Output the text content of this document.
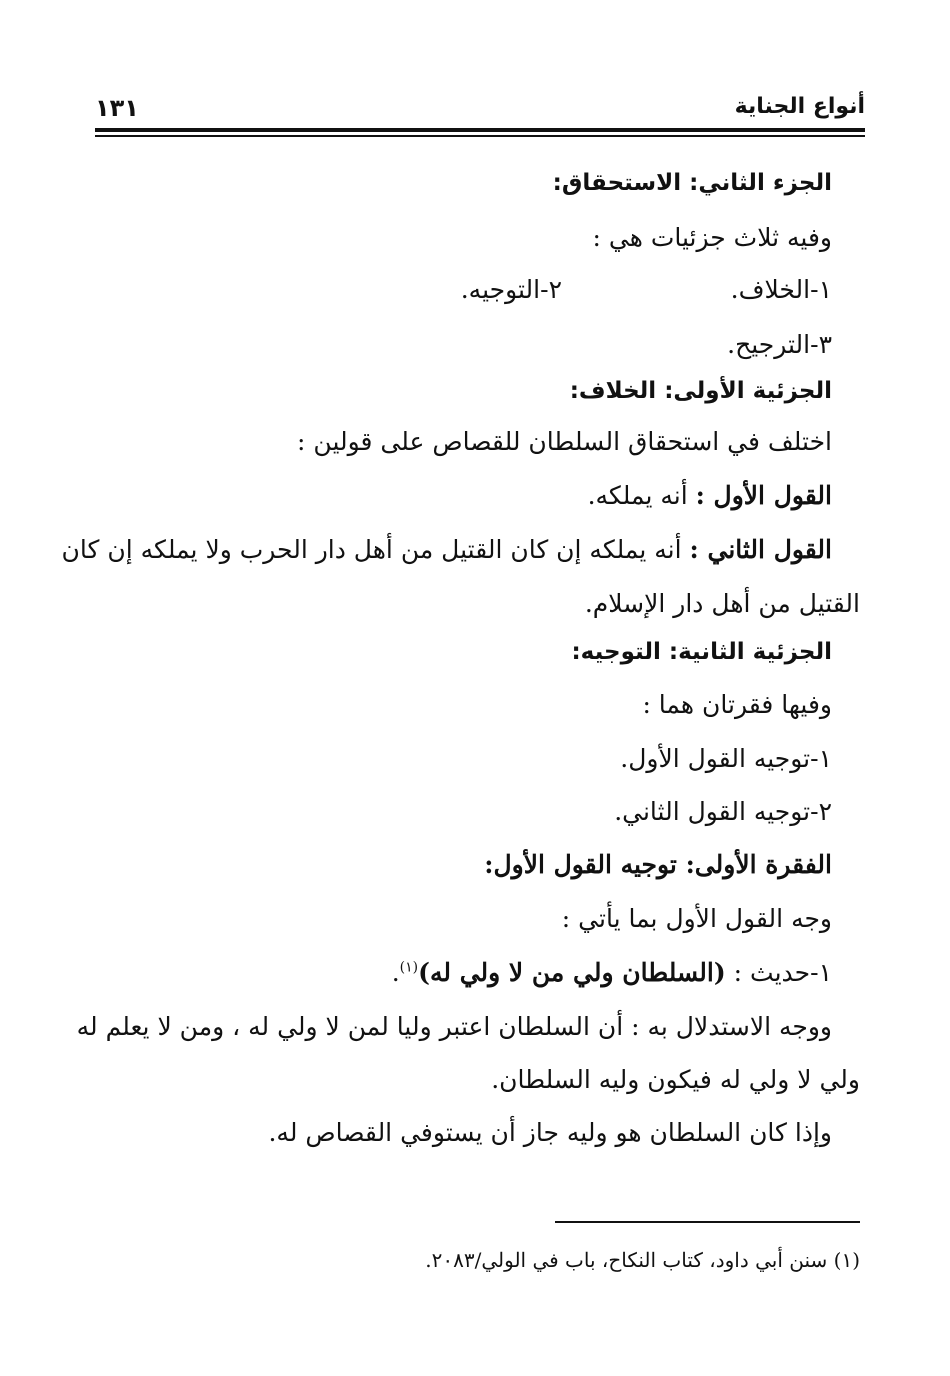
أنواع الجناية
١٣١
الجزء الثاني: الاستحقاق:
وفيه ثلاث جزئيات هي :
١-الخلاف.
٢-التوجيه.
٣-الترجيح.
الجزئية الأولى: الخلاف:
اختلف في استحقاق السلطان للقصاص على قولين :
القول الأول : أنه يملكه.
القول الثاني : أنه يملكه إن كان القتيل من أهل دار الحرب ولا يملكه إن كان
القتيل من أهل دار الإسلام.
الجزئية الثانية: التوجيه:
وفيها فقرتان هما :
١-توجيه القول الأول.
٢-توجيه القول الثاني.
الفقرة الأولى: توجيه القول الأول:
وجه القول الأول بما يأتي :
١-حديث : (السلطان ولي من لا ولي له)$^{(١)}$.
ووجه الاستدلال به : أن السلطان اعتبر وليا لمن لا ولي له ، ومن لا يعلم له
ولي لا ولي له فيكون وليه السلطان.
وإذا كان السلطان هو وليه جاز أن يستوفي القصاص له.
(١) سنن أبي داود، كتاب النكاح، باب في الولي/٢٠٨٣.
